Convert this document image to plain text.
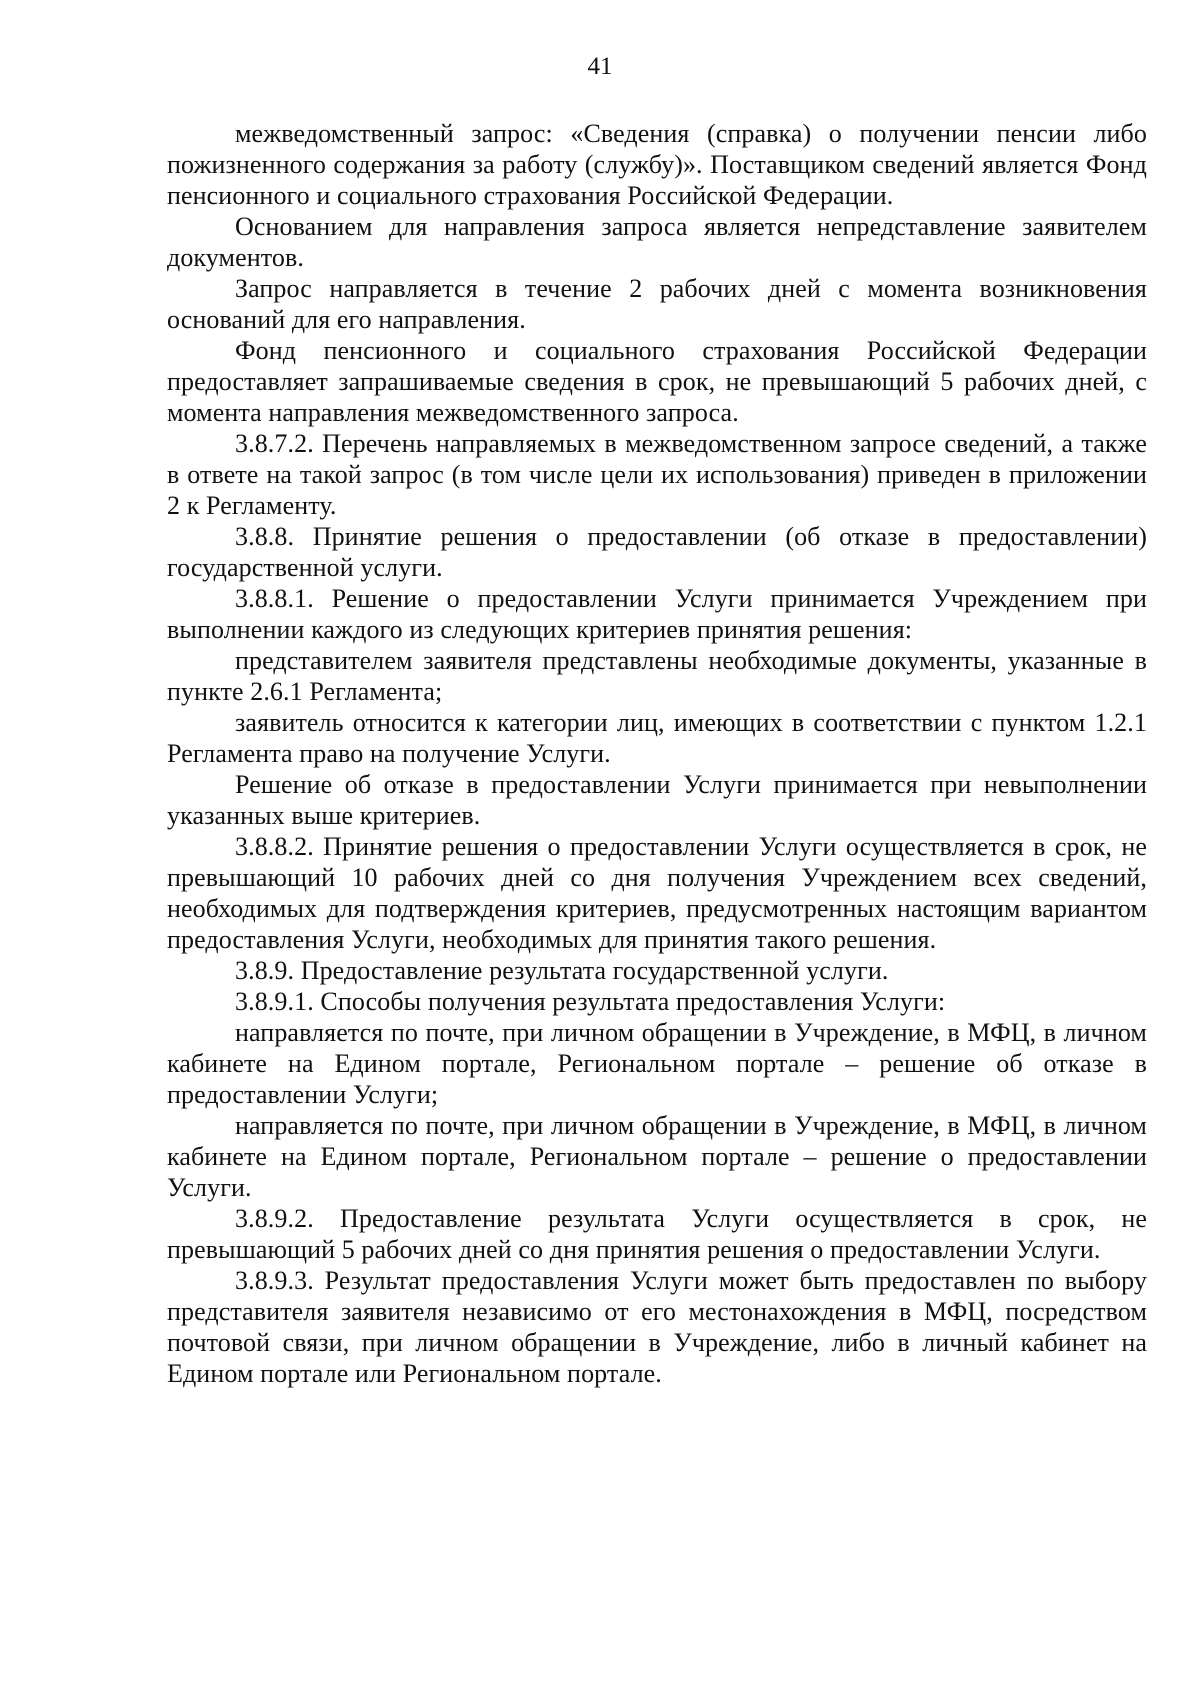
41

межведомственный запрос: «Сведения (справка) о получении пенсии либо пожизненного содержания за работу (службу)». Поставщиком сведений является Фонд пенсионного и социального страхования Российской Федерации.

Основанием для направления запроса является непредставление заявителем документов.

Запрос направляется в течение 2 рабочих дней с момента возникновения оснований для его направления.

Фонд пенсионного и социального страхования Российской Федерации предоставляет запрашиваемые сведения в срок, не превышающий 5 рабочих дней, с момента направления межведомственного запроса.

3.8.7.2. Перечень направляемых в межведомственном запросе сведений, а также в ответе на такой запрос (в том числе цели их использования) приведен в приложении 2 к Регламенту.

3.8.8. Принятие решения о предоставлении (об отказе в предоставлении) государственной услуги.

3.8.8.1. Решение о предоставлении Услуги принимается Учреждением при выполнении каждого из следующих критериев принятия решения:

представителем заявителя представлены необходимые документы, указанные в пункте 2.6.1 Регламента;

заявитель относится к категории лиц, имеющих в соответствии с пунктом 1.2.1 Регламента право на получение Услуги.

Решение об отказе в предоставлении Услуги принимается при невыполнении указанных выше критериев.

3.8.8.2. Принятие решения о предоставлении Услуги осуществляется в срок, не превышающий 10 рабочих дней со дня получения Учреждением всех сведений, необходимых для подтверждения критериев, предусмотренных настоящим вариантом предоставления Услуги, необходимых для принятия такого решения.

3.8.9. Предоставление результата государственной услуги.

3.8.9.1. Способы получения результата предоставления Услуги:

направляется по почте, при личном обращении в Учреждение, в МФЦ, в личном кабинете на Едином портале, Региональном портале – решение об отказе в предоставлении Услуги;

направляется по почте, при личном обращении в Учреждение, в МФЦ, в личном кабинете на Едином портале, Региональном портале – решение о предоставлении Услуги.

3.8.9.2. Предоставление результата Услуги осуществляется в срок, не превышающий 5 рабочих дней со дня принятия решения о предоставлении Услуги.

3.8.9.3. Результат предоставления Услуги может быть предоставлен по выбору представителя заявителя независимо от его местонахождения в МФЦ, посредством почтовой связи, при личном обращении в Учреждение, либо в личный кабинет на Едином портале или Региональном портале.
